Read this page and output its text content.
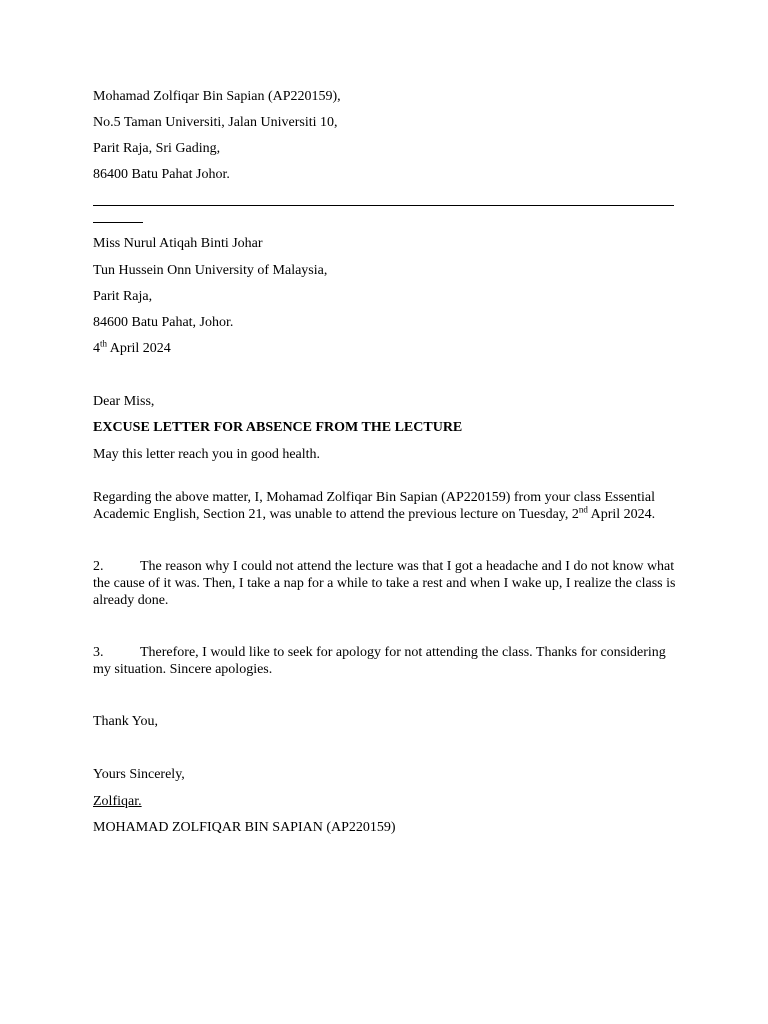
Mohamad Zolfiqar Bin Sapian (AP220159),
No.5 Taman Universiti, Jalan Universiti 10,
Parit Raja, Sri Gading,
86400 Batu Pahat Johor.
Miss Nurul Atiqah Binti Johar
Tun Hussein Onn University of Malaysia,
Parit Raja,
84600 Batu Pahat, Johor.
4th April 2024
Dear Miss,
EXCUSE LETTER FOR ABSENCE FROM THE LECTURE
May this letter reach you in good health.
Regarding the above matter, I, Mohamad Zolfiqar Bin Sapian (AP220159) from your class Essential Academic English, Section 21, was unable to attend the previous lecture on Tuesday, 2nd April 2024.
2.	The reason why I could not attend the lecture was that I got a headache and I do not know what the cause of it was. Then, I take a nap for a while to take a rest and when I wake up, I realize the class is already done.
3.	Therefore, I would like to seek for apology for not attending the class. Thanks for considering my situation. Sincere apologies.
Thank You,
Yours Sincerely,
Zolfiqar.
MOHAMAD ZOLFIQAR BIN SAPIAN (AP220159)
